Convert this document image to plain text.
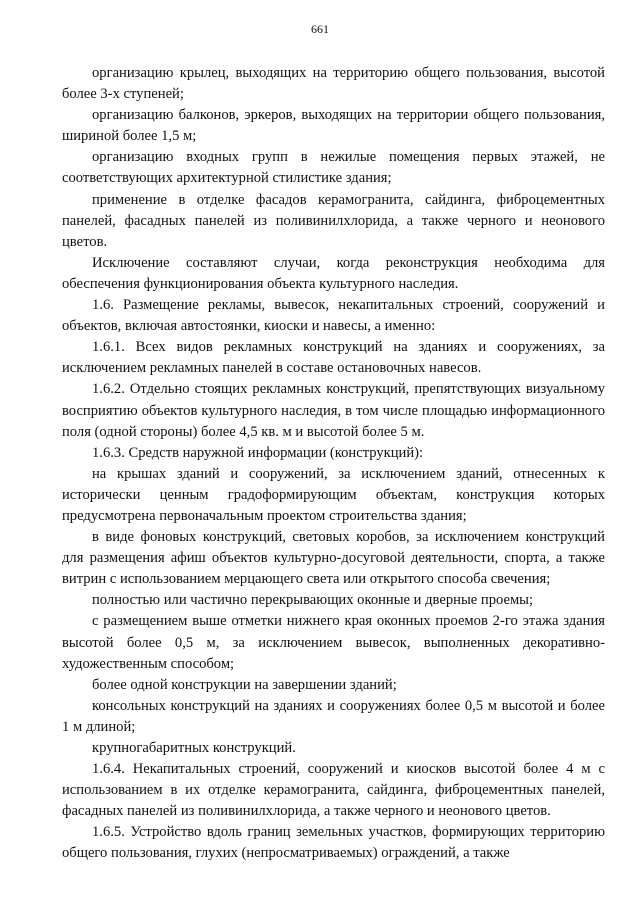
661

организацию крылец, выходящих на территорию общего пользования, высотой более 3-х ступеней;

организацию балконов, эркеров, выходящих на территории общего пользования, шириной более 1,5 м;

организацию входных групп в нежилые помещения первых этажей, не соответствующих архитектурной стилистике здания;

применение в отделке фасадов керамогранита, сайдинга, фиброцементных панелей, фасадных панелей из поливинилхлорида, а также черного и неонового цветов.

Исключение составляют случаи, когда реконструкция необходима для обеспечения функционирования объекта культурного наследия.

1.6. Размещение рекламы, вывесок, некапитальных строений, сооружений и объектов, включая автостоянки, киоски и навесы, а именно:

1.6.1. Всех видов рекламных конструкций на зданиях и сооружениях, за исключением рекламных панелей в составе остановочных навесов.

1.6.2. Отдельно стоящих рекламных конструкций, препятствующих визуальному восприятию объектов культурного наследия, в том числе площадью информационного поля (одной стороны) более 4,5 кв. м и высотой более 5 м.

1.6.3. Средств наружной информации (конструкций):

на крышах зданий и сооружений, за исключением зданий, отнесенных к исторически ценным градоформирующим объектам, конструкция которых предусмотрена первоначальным проектом строительства здания;

в виде фоновых конструкций, световых коробов, за исключением конструкций для размещения афиш объектов культурно-досуговой деятельности, спорта, а также витрин с использованием мерцающего света или открытого способа свечения;

полностью или частично перекрывающих оконные и дверные проемы;

с размещением выше отметки нижнего края оконных проемов 2-го этажа здания высотой более 0,5 м, за исключением вывесок, выполненных декоративно-художественным способом;

более одной конструкции на завершении зданий;

консольных конструкций на зданиях и сооружениях более 0,5 м высотой и более 1 м длиной;

крупногабаритных конструкций.

1.6.4. Некапитальных строений, сооружений и киосков высотой более 4 м с использованием в их отделке керамогранита, сайдинга, фиброцементных панелей, фасадных панелей из поливинилхлорида, а также черного и неонового цветов.

1.6.5. Устройство вдоль границ земельных участков, формирующих территорию общего пользования, глухих (непросматриваемых) ограждений, а также
